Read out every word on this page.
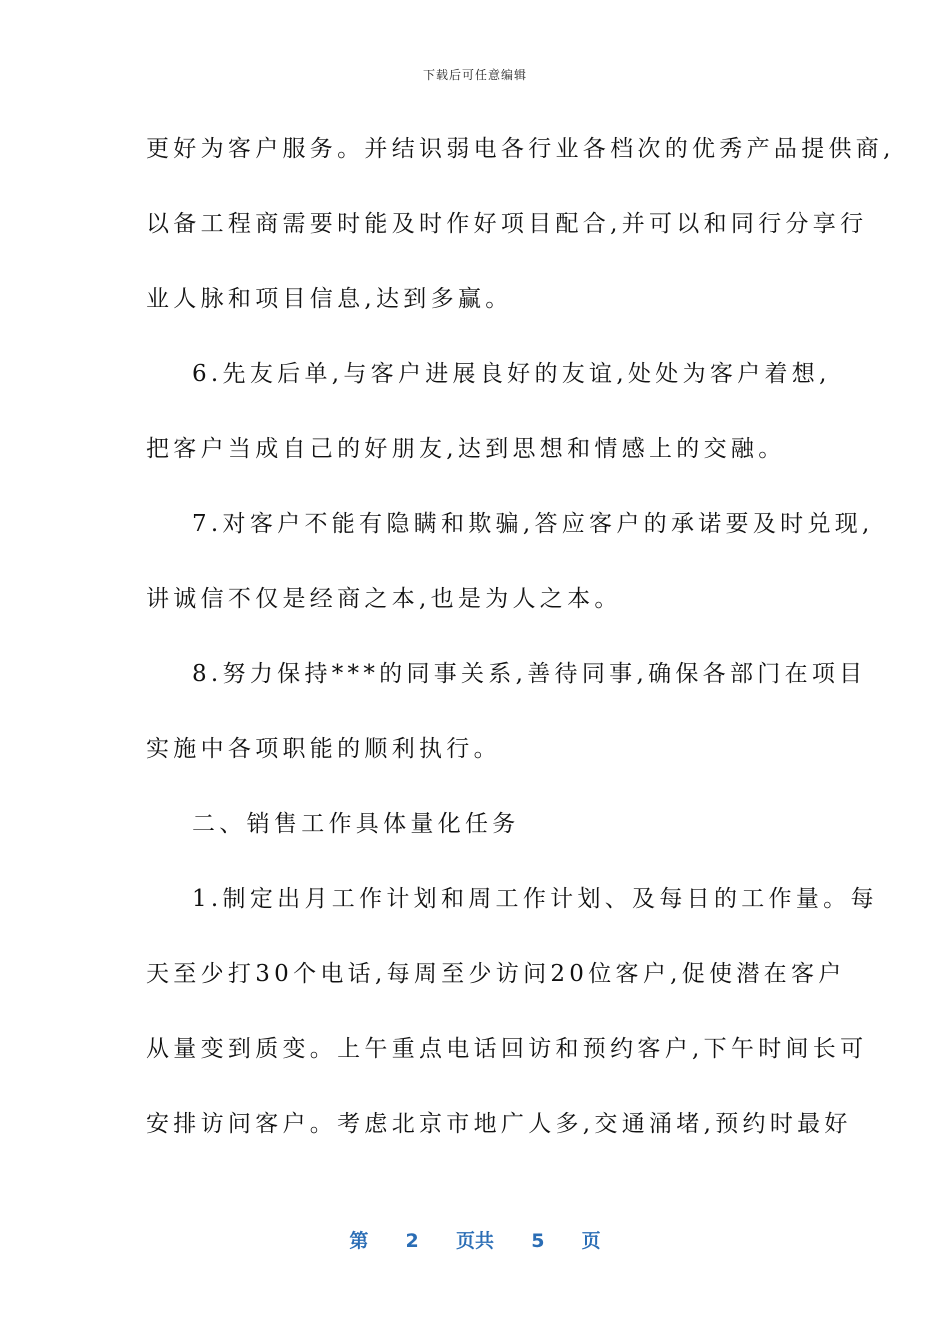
下载后可任意编辑
更好为客户服务。并结识弱电各行业各档次的优秀产品提供商,
以备工程商需要时能及时作好项目配合,并可以和同行分享行
业人脉和项目信息,达到多赢。
6.先友后单,与客户进展良好的友谊,处处为客户着想,
把客户当成自己的好朋友,达到思想和情感上的交融。
7.对客户不能有隐瞒和欺骗,答应客户的承诺要及时兑现,
讲诚信不仅是经商之本,也是为人之本。
8.努力保持***的同事关系,善待同事,确保各部门在项目
实施中各项职能的顺利执行。
二、销售工作具体量化任务
1.制定出月工作计划和周工作计划、及每日的工作量。每
天至少打30个电话,每周至少访问20位客户,促使潜在客户
从量变到质变。上午重点电话回访和预约客户,下午时间长可
安排访问客户。考虑北京市地广人多,交通涌堵,预约时最好
第  2  页共  5  页
